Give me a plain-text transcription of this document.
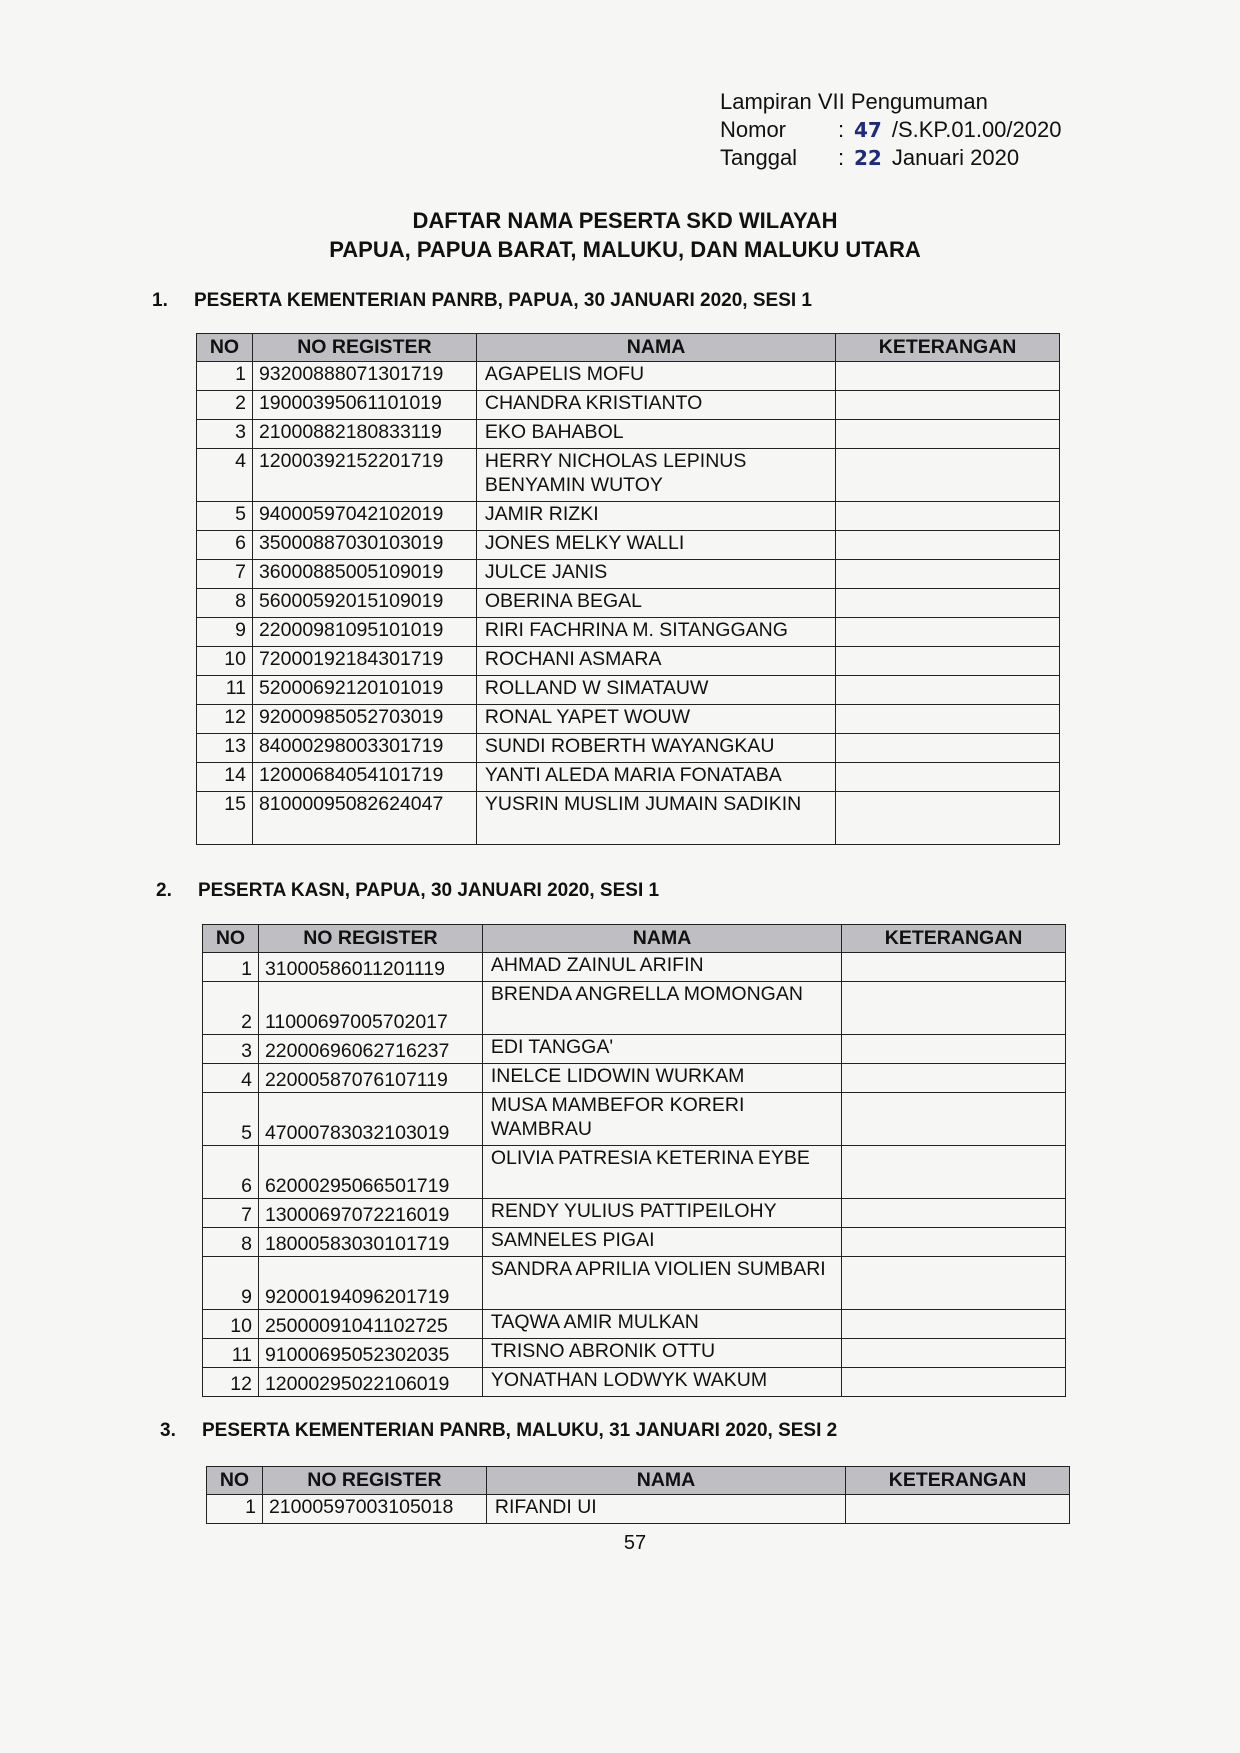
Lampiran VII Pengumuman
Nomor	: 47 /S.KP.01.00/2020
Tanggal	: 22 Januari 2020
DAFTAR NAMA PESERTA SKD WILAYAH
PAPUA, PAPUA BARAT, MALUKU, DAN MALUKU UTARA
1. PESERTA KEMENTERIAN PANRB, PAPUA, 30 JANUARI 2020, SESI 1
NO	NO REGISTER	NAMA	KETERANGAN
1	93200888071301719	AGAPELIS MOFU	
2	19000395061101019	CHANDRA KRISTIANTO	
3	21000882180833119	EKO BAHABOL	
4	12000392152201719	HERRY NICHOLAS LEPINUS BENYAMIN WUTOY	
5	94000597042102019	JAMIR RIZKI	
6	35000887030103019	JONES MELKY WALLI	
7	36000885005109019	JULCE JANIS	
8	56000592015109019	OBERINA BEGAL	
9	22000981095101019	RIRI FACHRINA M. SITANGGANG	
10	72000192184301719	ROCHANI ASMARA	
11	52000692120101019	ROLLAND W SIMATAUW	
12	92000985052703019	RONAL YAPET WOUW	
13	84000298003301719	SUNDI ROBERTH WAYANGKAU	
14	12000684054101719	YANTI ALEDA MARIA FONATABA	
15	81000095082624047	YUSRIN MUSLIM JUMAIN SADIKIN	
2. PESERTA KASN, PAPUA, 30 JANUARI 2020, SESI 1
NO	NO REGISTER	NAMA	KETERANGAN
1	31000586011201119	AHMAD ZAINUL ARIFIN	
2	11000697005702017	BRENDA ANGRELLA MOMONGAN	
3	22000696062716237	EDI TANGGA'	
4	22000587076107119	INELCE LIDOWIN WURKAM	
5	47000783032103019	MUSA MAMBEFOR KORERI WAMBRAU	
6	62000295066501719	OLIVIA PATRESIA KETERINA EYBE	
7	13000697072216019	RENDY YULIUS PATTIPEILOHY	
8	18000583030101719	SAMNELES PIGAI	
9	92000194096201719	SANDRA APRILIA VIOLIEN SUMBARI	
10	25000091041102725	TAQWA AMIR MULKAN	
11	91000695052302035	TRISNO ABRONIK OTTU	
12	12000295022106019	YONATHAN LODWYK WAKUM	
3. PESERTA KEMENTERIAN PANRB, MALUKU, 31 JANUARI 2020, SESI 2
NO	NO REGISTER	NAMA	KETERANGAN
1	21000597003105018	RIFANDI UI	
57
